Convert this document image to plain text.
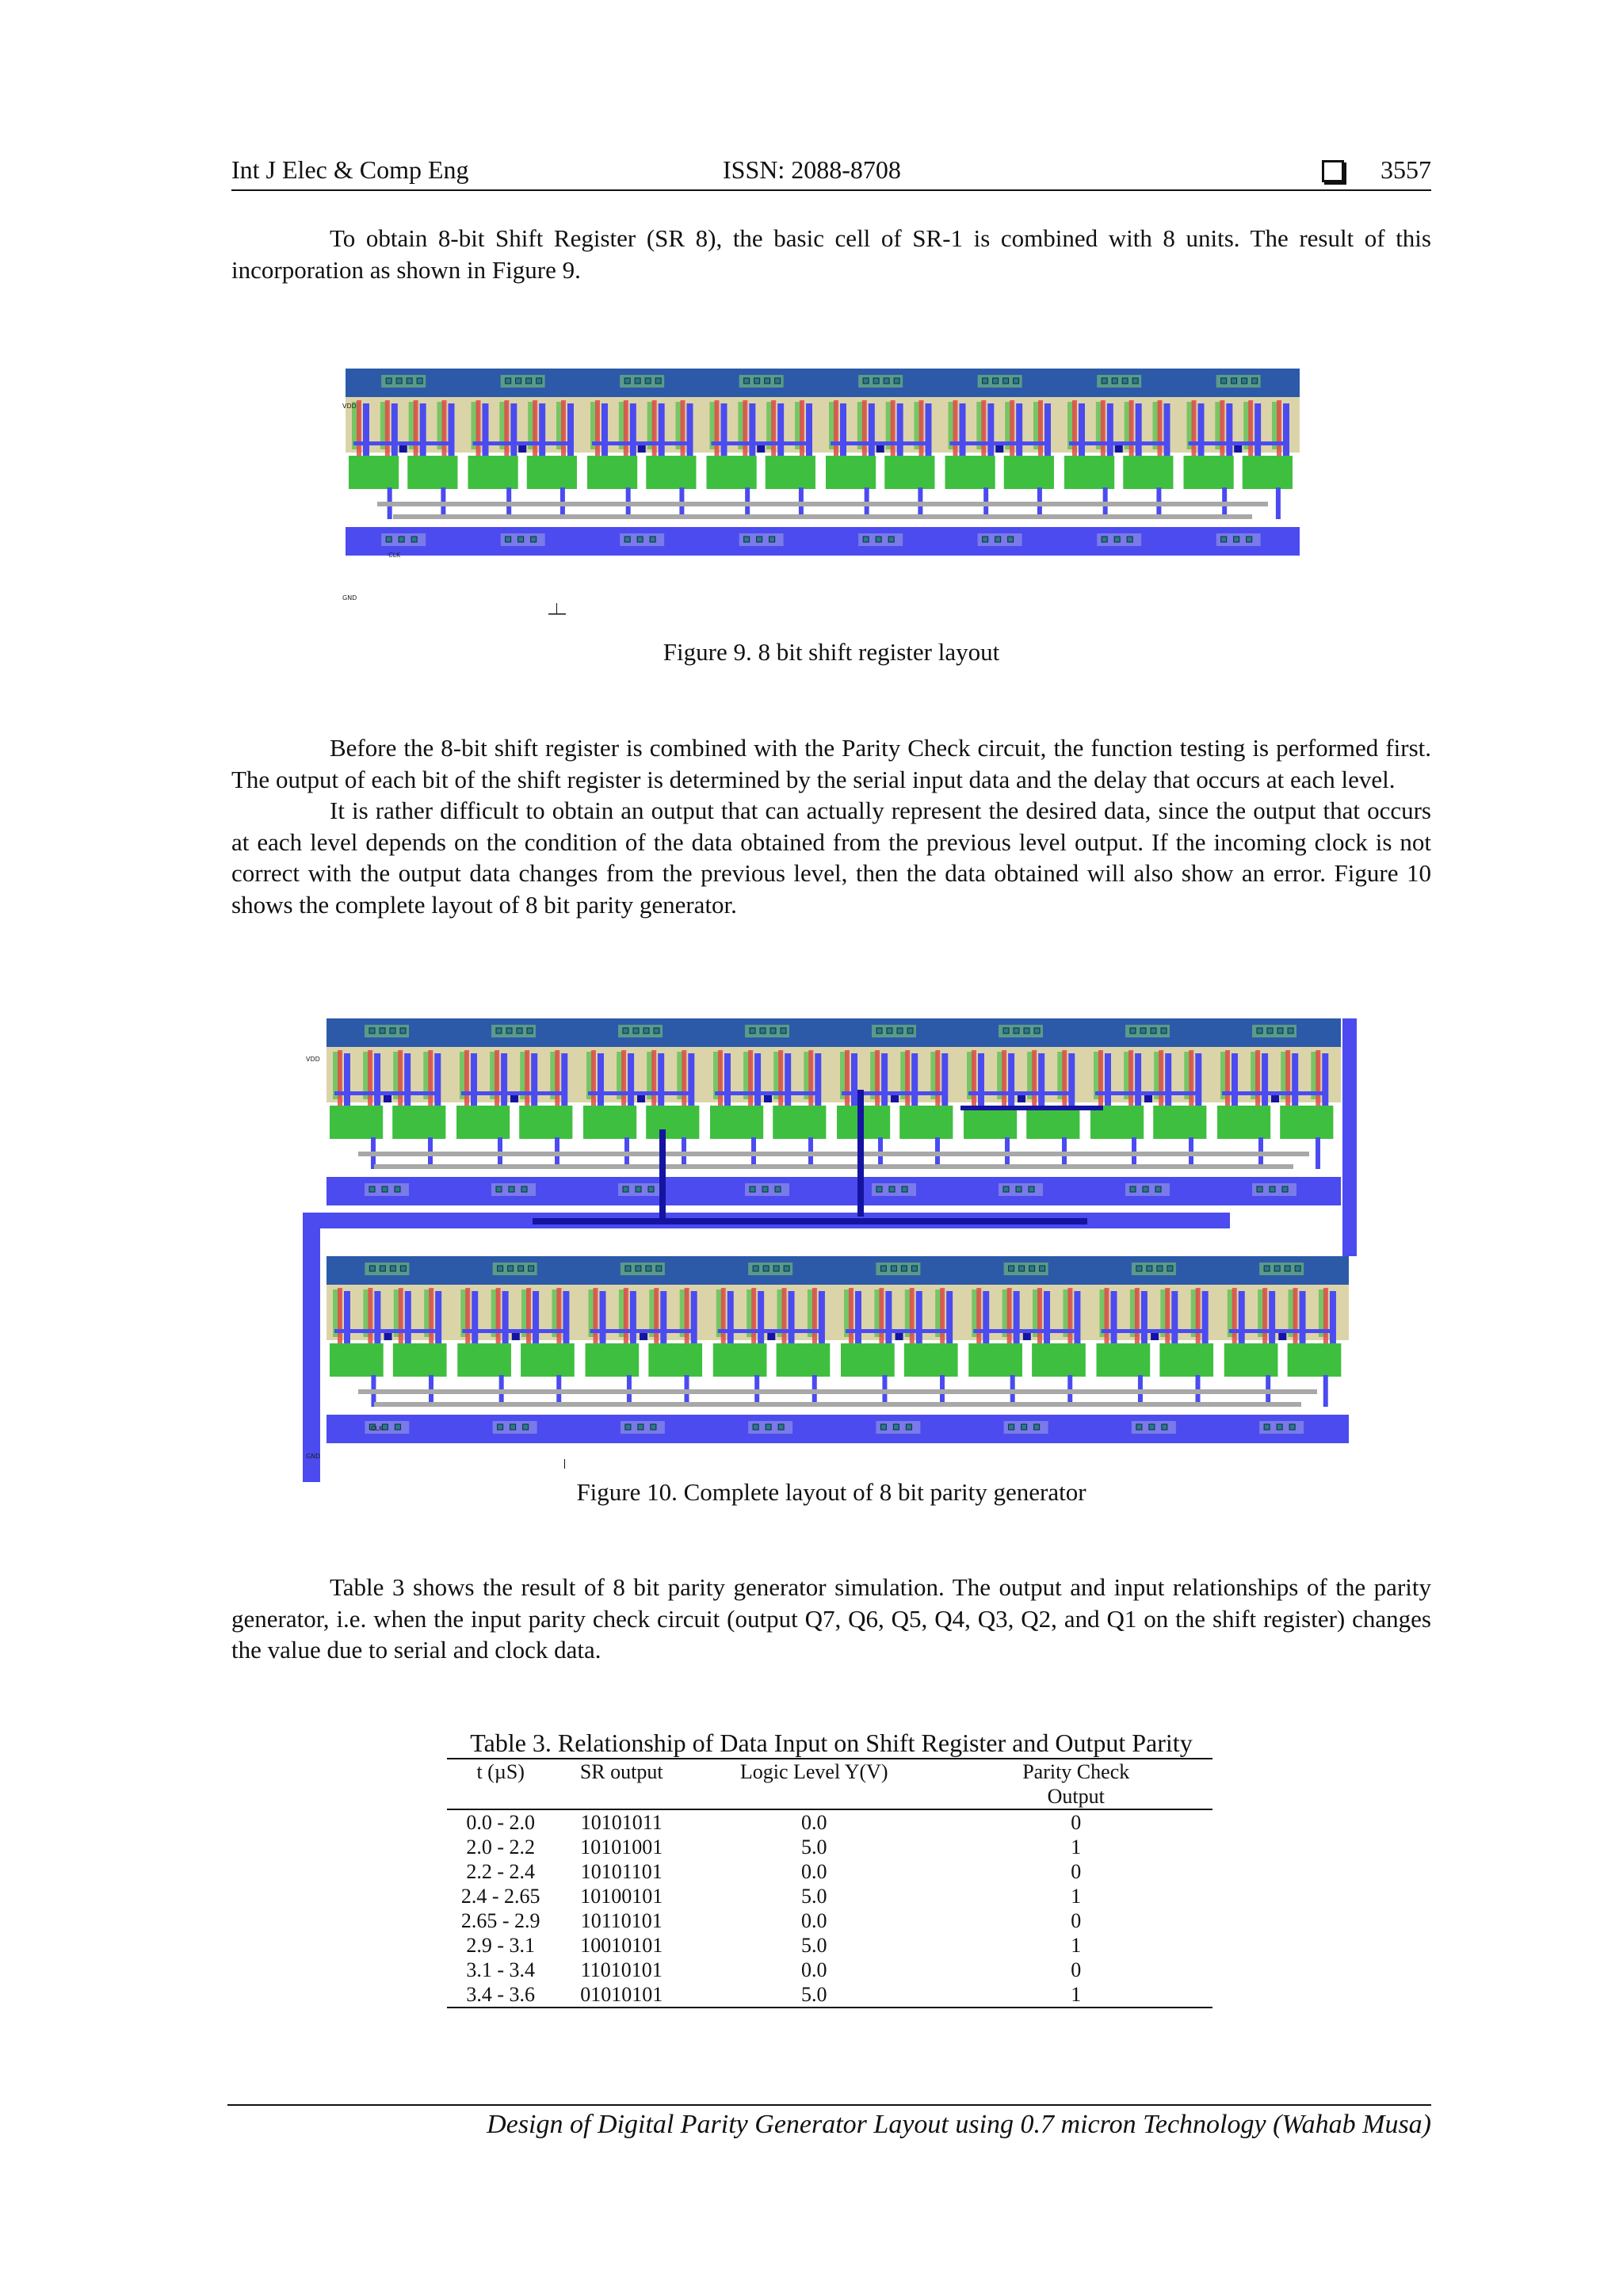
Int J Elec & Comp Eng	ISSN: 2088-8708	3557

To obtain 8-bit Shift Register (SR 8), the basic cell of SR-1 is combined with 8 units. The result of this incorporation as shown in Figure 9.

VDD
GND
CLK
Figure 9. 8 bit shift register layout

Before the 8-bit shift register is combined with the Parity Check circuit, the function testing is performed first. The output of each bit of the shift register is determined by the serial input data and the delay that occurs at each level.

It is rather difficult to obtain an output that can actually represent the desired data, since the output that occurs at each level depends on the condition of the data obtained from the previous level output. If the incoming clock is not correct with the output data changes from the previous level, then the data obtained will also show an error. Figure 10 shows the complete layout of 8 bit parity generator.

VDD
GND
CLK
Figure 10. Complete layout of 8 bit parity generator

Table 3 shows the result of 8 bit parity generator simulation. The output and input relationships of the parity generator, i.e. when the input parity check circuit (output Q7, Q6, Q5, Q4, Q3, Q2, and Q1 on the shift register) changes the value due to serial and clock data.

Table 3. Relationship of Data Input on Shift Register and Output Parity
t (µS)	SR output	Logic Level Y(V)	Parity Check Output
0.0 - 2.0	10101011	0.0	0
2.0 - 2.2	10101001	5.0	1
2.2 - 2.4	10101101	0.0	0
2.4 - 2.65	10100101	5.0	1
2.65 - 2.9	10110101	0.0	0
2.9 - 3.1	10010101	5.0	1
3.1 - 3.4	11010101	0.0	0
3.4 - 3.6	01010101	5.0	1
Design of Digital Parity Generator Layout using 0.7 micron Technology (Wahab Musa)
